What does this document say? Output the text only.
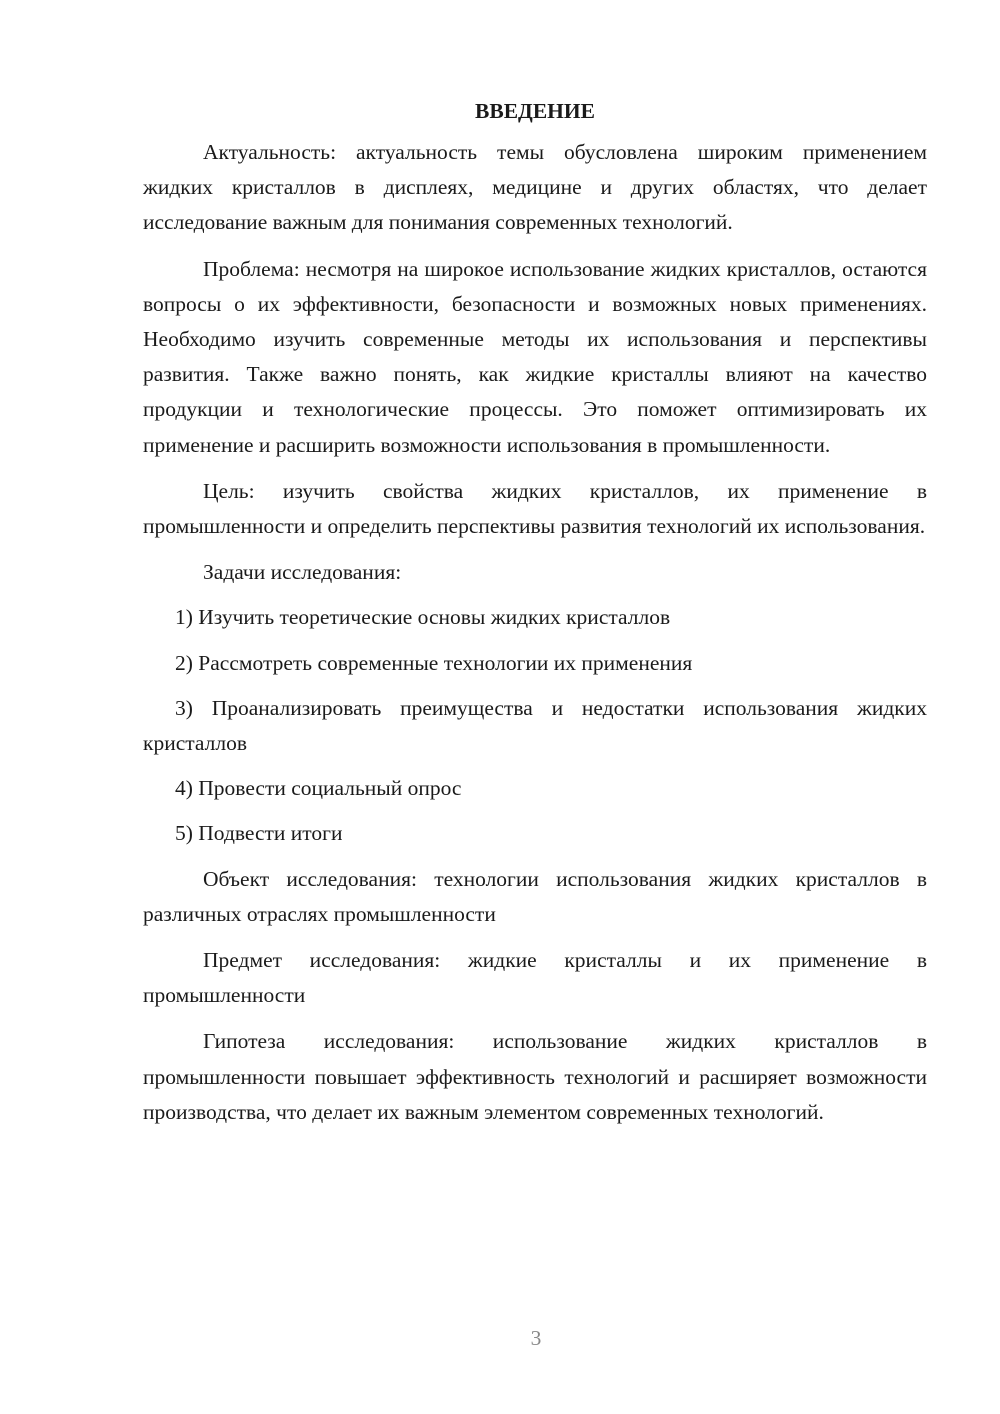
ВВЕДЕНИЕ

Актуальность: актуальность темы обусловлена широким применением жидких кристаллов в дисплеях, медицине и других областях, что делает исследование важным для понимания современных технологий.

Проблема: несмотря на широкое использование жидких кристаллов, остаются вопросы о их эффективности, безопасности и возможных новых применениях. Необходимо изучить современные методы их использования и перспективы развития. Также важно понять, как жидкие кристаллы влияют на качество продукции и технологические процессы. Это поможет оптимизировать их применение и расширить возможности использования в промышленности.

Цель: изучить свойства жидких кристаллов, их применение в промышленности и определить перспективы развития технологий их использования.

Задачи исследования:

1) Изучить теоретические основы жидких кристаллов

2) Рассмотреть современные технологии их применения

3) Проанализировать преимущества и недостатки использования жидких кристаллов

4) Провести социальный опрос

5) Подвести итоги

Объект исследования: технологии использования жидких кристаллов в различных отраслях промышленности

Предмет исследования: жидкие кристаллы и их применение в промышленности

Гипотеза исследования: использование жидких кристаллов в промышленности повышает эффективность технологий и расширяет возможности производства, что делает их важным элементом современных технологий.

3
